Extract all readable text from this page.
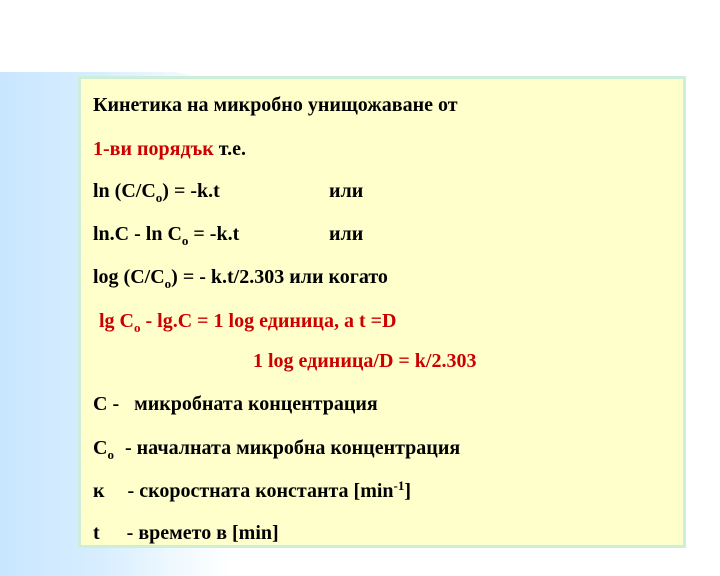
Кинетика на микробно унищожаване от
1-ви порядък т.е.
$\ln (C/C_o) = -k.t$	или
$\ln.C - \ln C_o = -k.t$	или
$\log (C/C_o)$ = - k.t/2.303 или когато
$\lg C_o - \lg.C = 1$ log единица, а t =D
1 log единица/D = k/2.303
C - микробната концентрация
$C_o$ - началната микробна концентрация
к - скоростната константа $[\min^{-1}]$
t - времето в [min]
